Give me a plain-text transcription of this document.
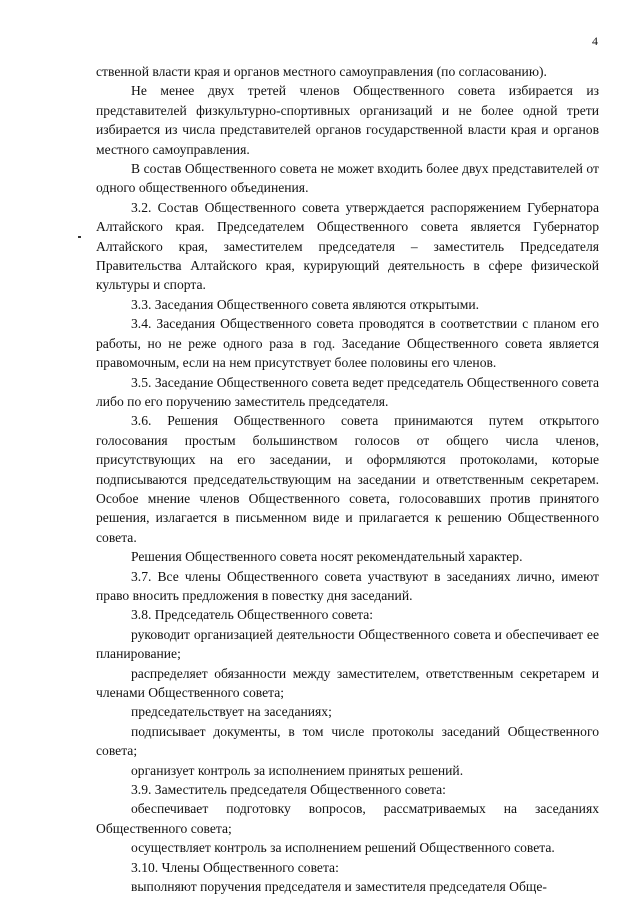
4

ственной власти края и органов местного самоуправления (по согласованию).

Не менее двух третей членов Общественного совета избирается из представителей физкультурно-спортивных организаций и не более одной трети избирается из числа представителей органов государственной власти края и органов местного самоуправления.

В состав Общественного совета не может входить более двух представителей от одного общественного объединения.

3.2. Состав Общественного совета утверждается распоряжением Губернатора Алтайского края. Председателем Общественного совета является Губернатор Алтайского края, заместителем председателя – заместитель Председателя Правительства Алтайского края, курирующий деятельность в сфере физической культуры и спорта.

3.3. Заседания Общественного совета являются открытыми.

3.4. Заседания Общественного совета проводятся в соответствии с планом его работы, но не реже одного раза в год. Заседание Общественного совета является правомочным, если на нем присутствует более половины его членов.

3.5. Заседание Общественного совета ведет председатель Общественного совета либо по его поручению заместитель председателя.

3.6. Решения Общественного совета принимаются путем открытого голосования простым большинством голосов от общего числа членов, присутствующих на его заседании, и оформляются протоколами, которые подписываются председательствующим на заседании и ответственным секретарем. Особое мнение членов Общественного совета, голосовавших против принятого решения, излагается в письменном виде и прилагается к решению Общественного совета.

Решения Общественного совета носят рекомендательный характер.

3.7. Все члены Общественного совета участвуют в заседаниях лично, имеют право вносить предложения в повестку дня заседаний.

3.8. Председатель Общественного совета:

руководит организацией деятельности Общественного совета и обеспечивает ее планирование;

распределяет обязанности между заместителем, ответственным секретарем и членами Общественного совета;

председательствует на заседаниях;

подписывает документы, в том числе протоколы заседаний Общественного совета;

организует контроль за исполнением принятых решений.

3.9. Заместитель председателя Общественного совета:

обеспечивает подготовку вопросов, рассматриваемых на заседаниях Общественного совета;

осуществляет контроль за исполнением решений Общественного совета.

3.10. Члены Общественного совета:

выполняют поручения председателя и заместителя председателя Обще-
